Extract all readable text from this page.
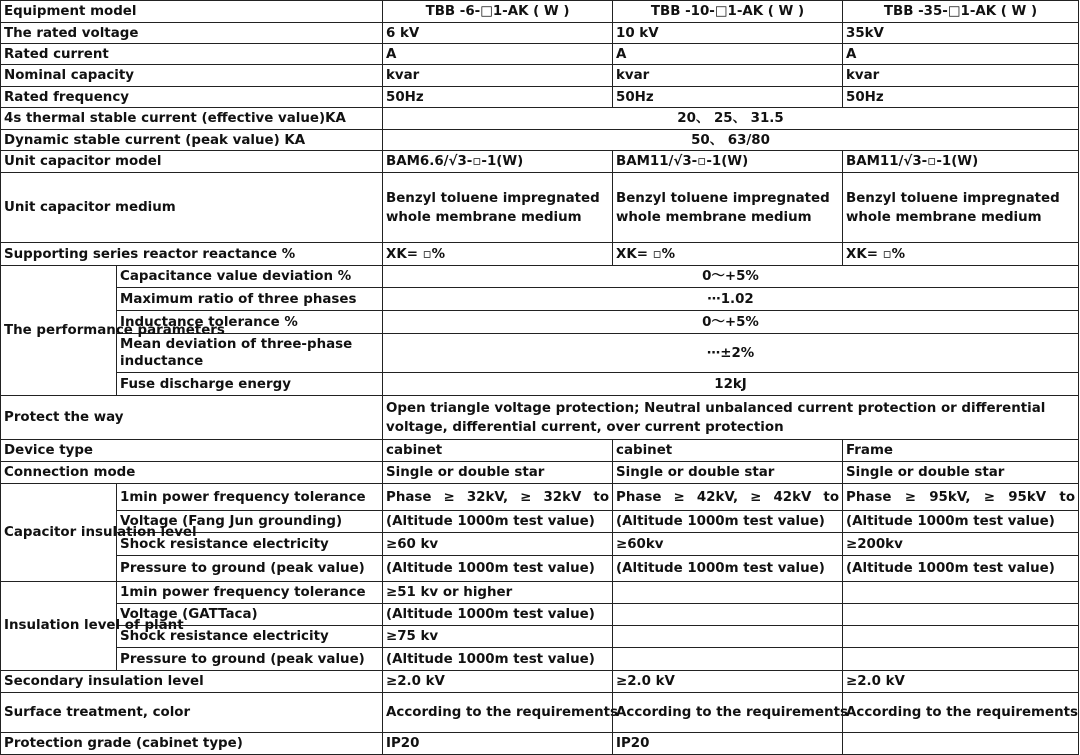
Equipment model		TBB -6-□1-AK ( W )	TBB -10-□1-AK ( W )	TBB -35-□1-AK ( W )
The rated voltage		6 kV	10 kV	35kV
Rated current		A	A	A
Nominal capacity		kvar	kvar	kvar
Rated frequency		50Hz	50Hz	50Hz
4s thermal stable current (effective value)KA		20、 25、 31.5		
Dynamic stable current (peak value) KA		50、 63/80		
Unit capacitor model		BAM6.6/√3-▫-1(W)	BAM11/√3-▫-1(W)	BAM11/√3-▫-1(W)
Unit capacitor medium		Benzyl toluene impregnated whole membrane medium	Benzyl toluene impregnated whole membrane medium	Benzyl toluene impregnated whole membrane medium
Supporting series reactor reactance %		XK= ▫%	XK= ▫%	XK= ▫%
The performance parameters	Capacitance value deviation %	0～+5%		
	Maximum ratio of three phases	⋯1.02		
	Inductance tolerance %	0～+5%		
	Mean deviation of three-phase inductance	⋯±2%		
	Fuse discharge energy	12kJ		
Protect the way		Open triangle voltage protection; Neutral unbalanced current protection or differential voltage, differential current, over current protection		
Device type		cabinet	cabinet	Frame
Connection mode		Single or double star	Single or double star	Single or double star
Capacitor insulation level	1min power frequency tolerance	Phase ≥ 32kV, ≥ 32kV to	Phase ≥ 42kV, ≥ 42kV to	Phase ≥ 95kV, ≥ 95kV to
	Voltage (Fang Jun grounding)	(Altitude 1000m test value)	(Altitude 1000m test value)	(Altitude 1000m test value)
	Shock resistance electricity	≥60 kv	≥60kv	≥200kv
	Pressure to ground (peak value)	(Altitude 1000m test value)	(Altitude 1000m test value)	(Altitude 1000m test value)
Insulation level of plant	1min power frequency tolerance	≥51 kv or higher		
	Voltage (GATTaca)	(Altitude 1000m test value)		
	Shock resistance electricity	≥75 kv		
	Pressure to ground (peak value)	(Altitude 1000m test value)		
Secondary insulation level		≥2.0 kV	≥2.0 kV	≥2.0 kV
Surface treatment, color		According to the requirements	According to the requirements	According to the requirements
Protection grade (cabinet type)		IP20	IP20	
